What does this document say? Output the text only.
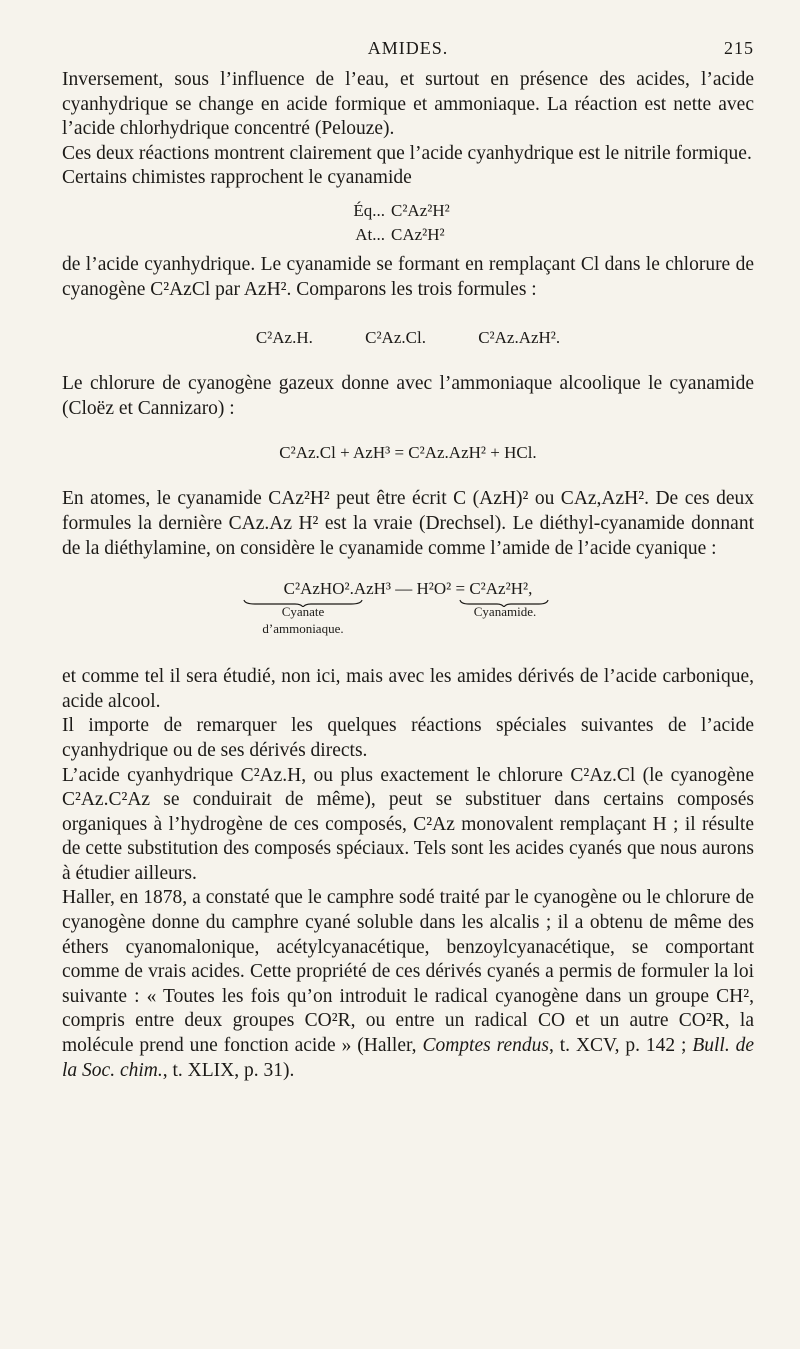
AMIDES.	215

Inversement, sous l’influence de l’eau, et surtout en présence des acides, l’acide cyanhydrique se change en acide formique et ammoniaque. La réaction est nette avec l’acide chlorhydrique concentré (Pelouze).

Ces deux réactions montrent clairement que l’acide cyanhydrique est le nitrile formique.

Certains chimistes rapprochent le cyanamide

Éq... C²Az²H²
At... CAz²H²

de l’acide cyanhydrique. Le cyanamide se formant en remplaçant Cl dans le chlorure de cyanogène C²AzCl par AzH². Comparons les trois formules :

C²Az.H.	C²Az.Cl.	C²Az.AzH².

Le chlorure de cyanogène gazeux donne avec l’ammoniaque alcoolique le cyanamide (Cloëz et Cannizaro) :

C²Az.Cl + AzH³ = C²Az.AzH² + HCl.

En atomes, le cyanamide CAz²H² peut être écrit C (AzH)² ou CAz,AzH². De ces deux formules la dernière CAz.Az H² est la vraie (Drechsel). Le diéthyl-cyanamide donnant de la diéthylamine, on considère le cyanamide comme l’amide de l’acide cyanique :

C²AzHO².AzH³ — H²O² = C²Az²H²,
Cyanate
d’ammoniaque.
Cyanamide.

et comme tel il sera étudié, non ici, mais avec les amides dérivés de l’acide carbonique, acide alcool.

Il importe de remarquer les quelques réactions spéciales suivantes de l’acide cyanhydrique ou de ses dérivés directs.

L’acide cyanhydrique C²Az.H, ou plus exactement le chlorure C²Az.Cl (le cyanogène C²Az.C²Az se conduirait de même), peut se substituer dans certains composés organiques à l’hydrogène de ces composés, C²Az monovalent remplaçant H ; il résulte de cette substitution des composés spéciaux. Tels sont les acides cyanés que nous aurons à étudier ailleurs.

Haller, en 1878, a constaté que le camphre sodé traité par le cyanogène ou le chlorure de cyanogène donne du camphre cyané soluble dans les alcalis ; il a obtenu de même des éthers cyanomalonique, acétylcyanacétique, benzoylcyanacétique, se comportant comme de vrais acides. Cette propriété de ces dérivés cyanés a permis de formuler la loi suivante : « Toutes les fois qu’on introduit le radical cyanogène dans un groupe CH², compris entre deux groupes CO²R, ou entre un radical CO et un autre CO²R, la molécule prend une fonction acide » (Haller, Comptes rendus, t. XCV, p. 142 ; Bull. de la Soc. chim., t. XLIX, p. 31).
